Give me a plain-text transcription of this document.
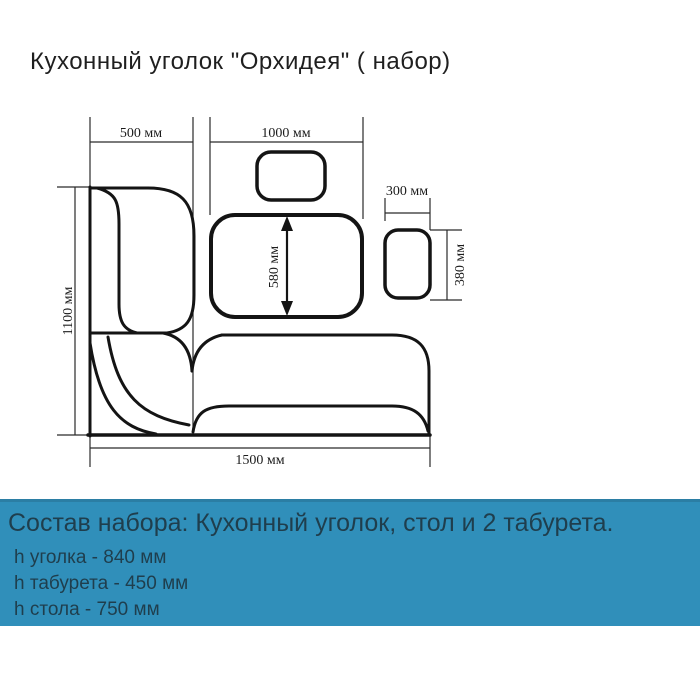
Кухонный уголок "Орхидея" ( набор)
500 мм	1000 мм
300 мм
1100 мм
580 мм	380 мм
1500 мм
Состав набора: Кухонный уголок, стол и 2 табурета.
h уголка - 840 мм
h табурета - 450 мм
h стола - 750 мм
